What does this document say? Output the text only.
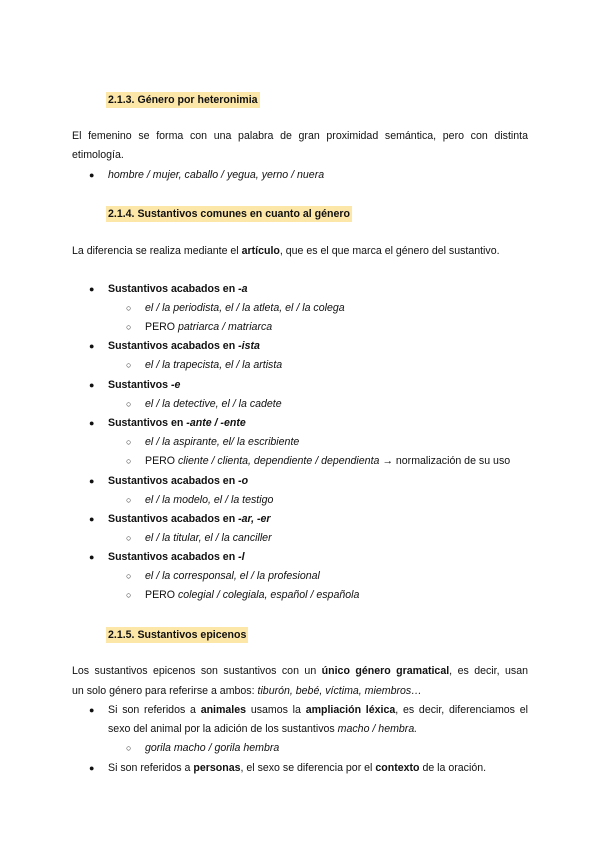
2.1.3. Género por heteronimia
El femenino se forma con una palabra de gran proximidad semántica, pero con distinta
etimología.
● hombre / mujer, caballo / yegua, yerno / nuera
2.1.4. Sustantivos comunes en cuanto al género
La diferencia se realiza mediante el artículo, que es el que marca el género del sustantivo.
● Sustantivos acabados en -a
○ el / la periodista, el / la atleta, el / la colega
○ PERO patriarca / matriarca
● Sustantivos acabados en -ista
○ el / la trapecista, el / la artista
● Sustantivos -e
○ el / la detective, el / la cadete
● Sustantivos en -ante / -ente
○ el / la aspirante, el/ la escribiente
○ PERO cliente / clienta, dependiente / dependienta → normalización de su uso
● Sustantivos acabados en -o
○ el / la modelo, el / la testigo
● Sustantivos acabados en -ar, -er
○ el / la titular, el / la canciller
● Sustantivos acabados en -l
○ el / la corresponsal, el / la profesional
○ PERO colegial / colegiala, español / española
2.1.5. Sustantivos epicenos
Los sustantivos epicenos son sustantivos con un único género gramatical, es decir, usan
un solo género para referirse a ambos: tiburón, bebé, víctima, miembros…
● Si son referidos a animales usamos la ampliación léxica, es decir, diferenciamos el
sexo del animal por la adición de los sustantivos macho / hembra.
○ gorila macho / gorila hembra
● Si son referidos a personas, el sexo se diferencia por el contexto de la oración.
